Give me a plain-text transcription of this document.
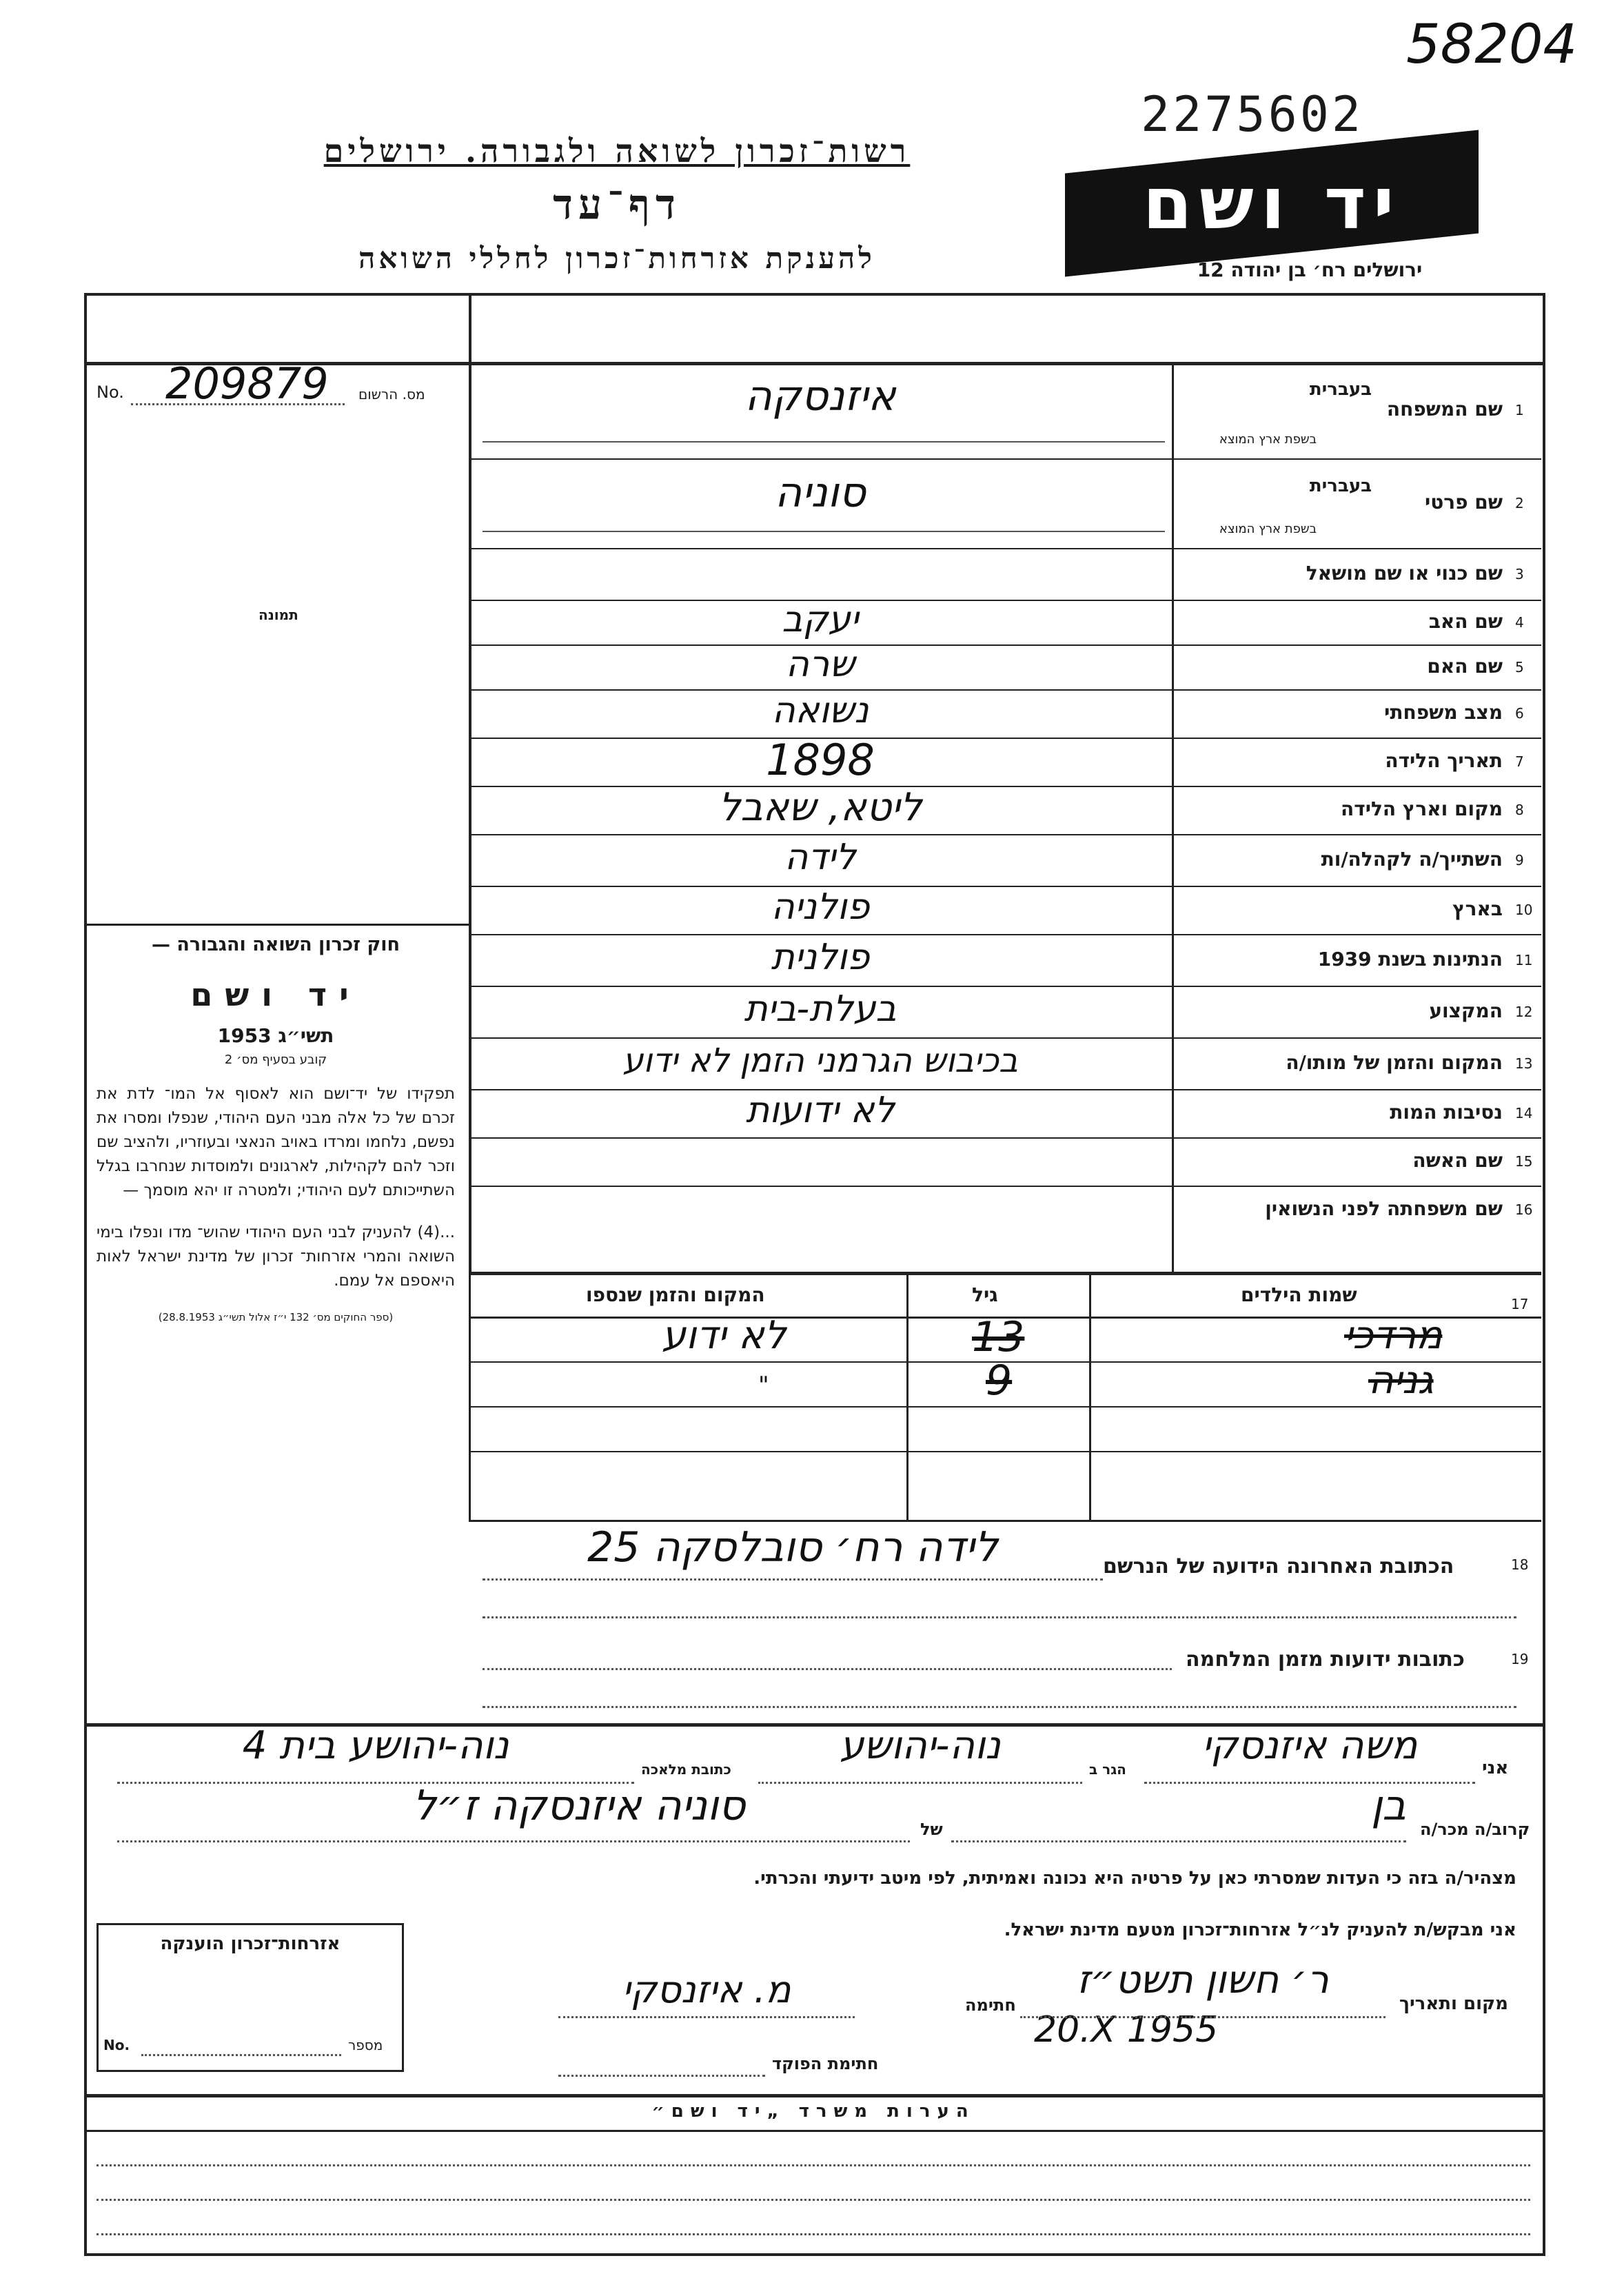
58204
2275602
רשות־זכרון לשואה ולגבורה. ירושלים
דף־עד
להענקת אזרחות־זכרון לחללי השואה
יד ושם
ירושלים רח׳ בן יהודה 12
No. 209879 מס. הרשום
תמונה
חוק זכרון השואה והגבורה —
יד ושם
תשי״ג 1953
קובע בסעיף מס׳ 2
תפקידו של יד־ושם הוא לאסוף אל המו־ לדת את זכרם של כל אלה מבני העם היהודי, שנפלו ומסרו את נפשם, נלחמו ומרדו באויב הנאצי ובעוזריו, ולהציב שם וזכר להם לקהילות, לארגונים ולמוסדות שנחרבו בגלל השתייכותם לעם היהודי; ולמטרה זו יהא מוסמך —
...(4) להעניק לבני העם היהודי שהוש־ מדו ונפלו בימי השואה והמרי אזרחות־ זכרון של מדינת ישראל לאות היאספם אל עמם.
(ספר החוקים מס׳ 132 י״ז אלול תשי״ג 28.8.1953)
1
שם המשפחה
בעברית
בשפת ארץ המוצא
איזנסקה
2
שם פרטי
בעברית
בשפת ארץ המוצא
סוניה
3
שם כנוי או שם מושאל
4
שם האב
יעקב
5
שם האם
שרה
6
מצב משפחתי
נשואה
7
תאריך הלידה
1898
8
מקום וארץ הלידה
ליטא, שאבל
9
השתייך/ה לקהלה/ות
לידה
10
בארץ
פולניה
11
הנתינות בשנת 1939
פולנית
12
המקצוע
בעלת-בית
13
המקום והזמן של מותו/ה
בכיבוש הגרמני הזמן לא ידוע
14
נסיבות המות
לא ידועות
15
שם האשה
16
שם משפחתה לפני הנשואין
17
שמות הילדים
גיל
המקום והזמן שנספו
מרדכי
13
לא ידוע
גניה
9
"
18
הכתובת האחרונה הידועה של הנרשם
לידה רח׳ סובלסקה 25
19
כתובות ידועות מזמן המלחמה
אני
משה איזנסקי
הגר ב
נוה-יהושע
כתובת מלאכה
נוה-יהושע בית 4
קרוב/ה מכר/ה
בן
של
סוניה איזנסקה ז״ל
מצהיר/ה בזה כי העדות שמסרתי כאן על פרטיה היא נכונה ואמיתית, לפי מיטב ידיעתי והכרתי.
אני מבקש/ת להעניק לנ״ל אזרחות־זכרון מטעם מדינת ישראל.
אזרחות־זכרון הוענקה
No.	מספר
מקום ותאריך
ר׳ חשון תשט״ז
20.X 1955
חתימה
מ. איזנסקי
חתימת הפוקד
הערות משרד „יד ושם״
